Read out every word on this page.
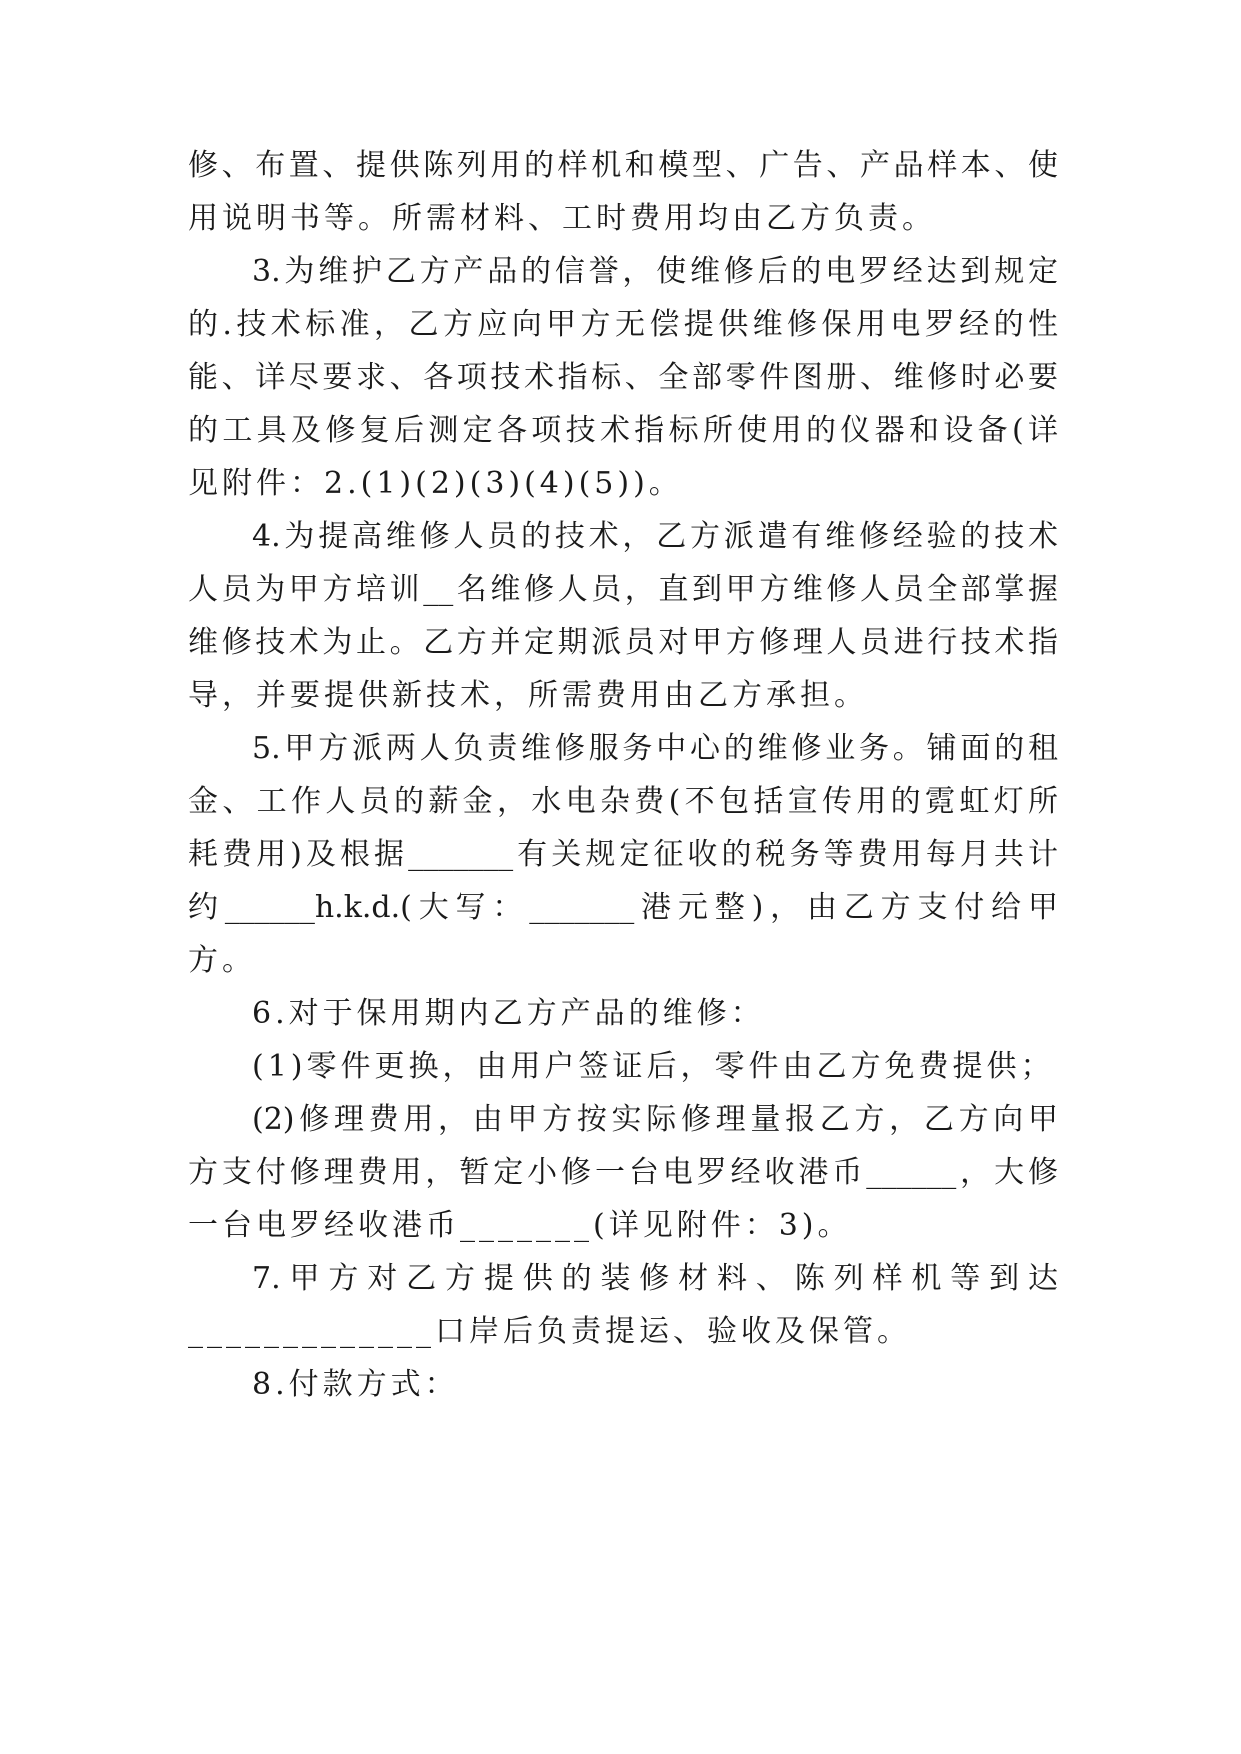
修、布置、提供陈列用的样机和模型、广告、产品样本、使
用说明书等。所需材料、工时费用均由乙方负责。
3.为维护乙方产品的信誉，使维修后的电罗经达到规定
的.技术标准，乙方应向甲方无偿提供维修保用电罗经的性
能、详尽要求、各项技术指标、全部零件图册、维修时必要
的工具及修复后测定各项技术指标所使用的仪器和设备(详
见附件：2.(1)(2)(3)(4)(5))。
4.为提高维修人员的技术，乙方派遣有维修经验的技术
人员为甲方培训__名维修人员，直到甲方维修人员全部掌握
维修技术为止。乙方并定期派员对甲方修理人员进行技术指
导，并要提供新技术，所需费用由乙方承担。
5.甲方派两人负责维修服务中心的维修业务。铺面的租
金、工作人员的薪金，水电杂费(不包括宣传用的霓虹灯所
耗费用)及根据_______有关规定征收的税务等费用每月共计
约______h.k.d.(大写：_______港元整)，由乙方支付给甲
方。
6.对于保用期内乙方产品的维修：
(1)零件更换，由用户签证后，零件由乙方免费提供；
(2)修理费用，由甲方按实际修理量报乙方，乙方向甲
方支付修理费用，暂定小修一台电罗经收港币______，大修
一台电罗经收港币_______(详见附件：3)。
7.甲方对乙方提供的装修材料、陈列样机等到达
_____________口岸后负责提运、验收及保管。
8.付款方式：
